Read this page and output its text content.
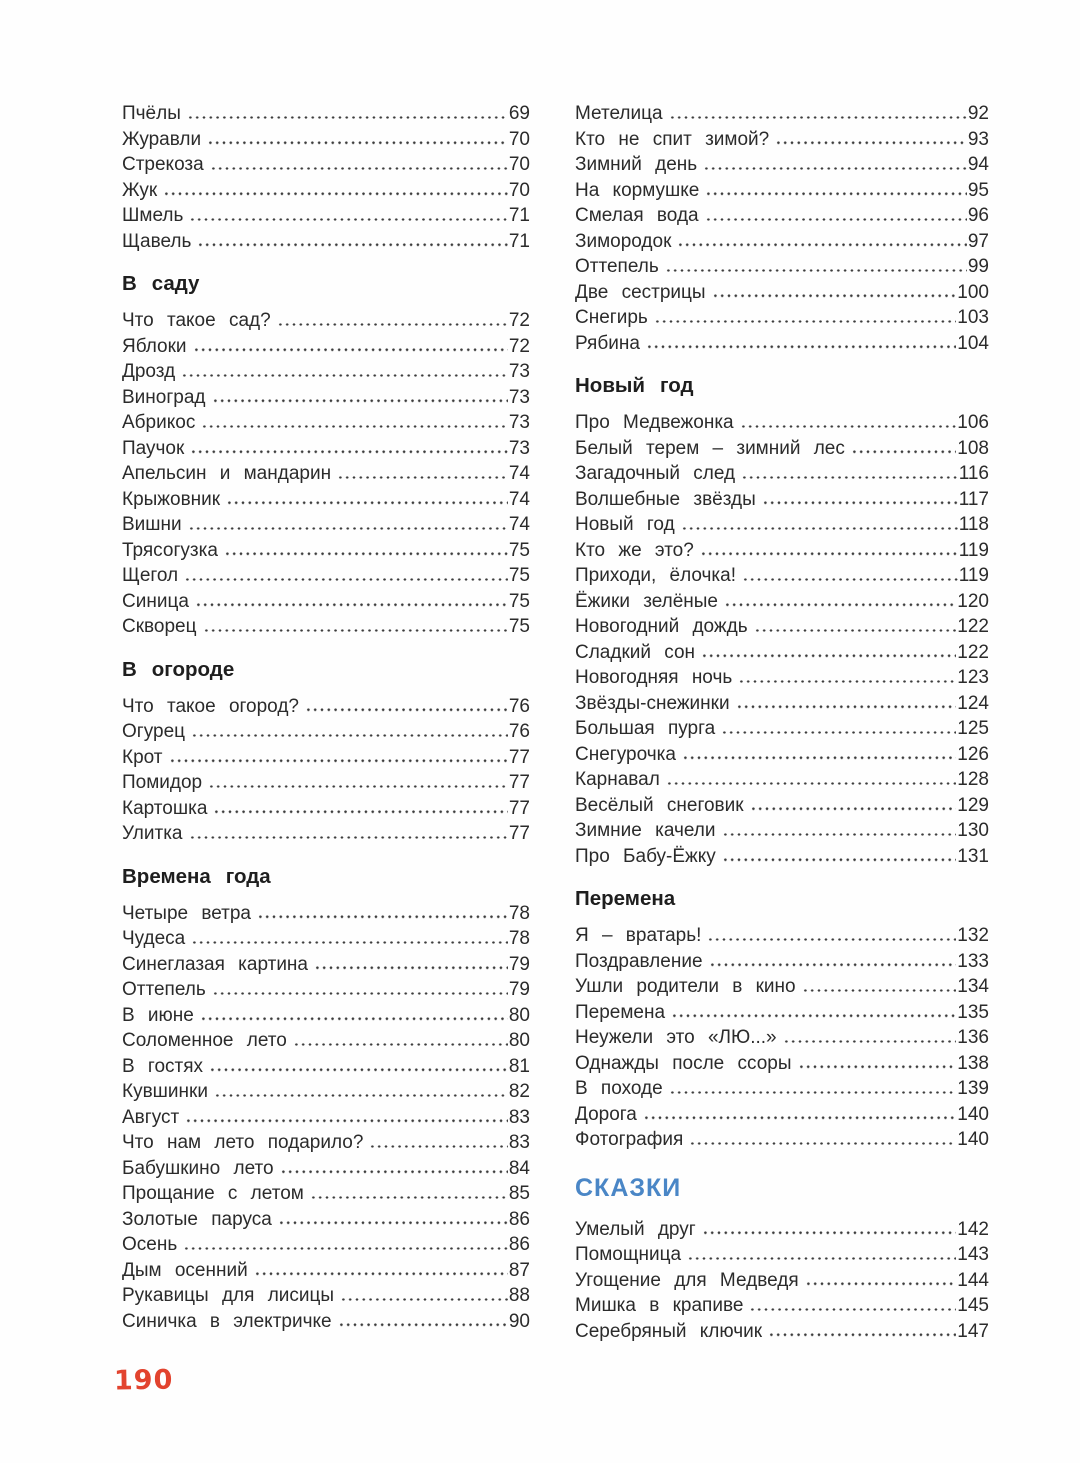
Пчёлы	69
Журавли	70
Стрекоза	70
Жук	70
Шмель	71
Щавель	71
В саду
Что такое сад?	72
Яблоки	72
Дрозд	73
Виноград	73
Абрикос	73
Паучок	73
Апельсин и мандарин	74
Крыжовник	74
Вишни	74
Трясогузка	75
Щегол	75
Синица	75
Скворец	75
В огороде
Что такое огород?	76
Огурец	76
Крот	77
Помидор	77
Картошка	77
Улитка	77
Времена года
Четыре ветра	78
Чудеса	78
Синеглазая картина	79
Оттепель	79
В июне	80
Соломенное лето	80
В гостях	81
Кувшинки	82
Август	83
Что нам лето подарило?	83
Бабушкино лето	84
Прощание с летом	85
Золотые паруса	86
Осень	86
Дым осенний	87
Рукавицы для лисицы	88
Синичка в электричке	90
Метелица	92
Кто не спит зимой?	93
Зимний день	94
На кормушке	95
Смелая вода	96
Зимородок	97
Оттепель	99
Две сестрицы	100
Снегирь	103
Рябина	104
Новый год
Про Медвежонка	106
Белый терем – зимний лес	108
Загадочный след	116
Волшебные звёзды	117
Новый год	118
Кто же это?	119
Приходи, ёлочка!	119
Ёжики зелёные	120
Новогодний дождь	122
Сладкий сон	122
Новогодняя ночь	123
Звёзды-снежинки	124
Большая пурга	125
Снегурочка	126
Карнавал	128
Весёлый снеговик	129
Зимние качели	130
Про Бабу-Ёжку	131
Перемена
Я – вратарь!	132
Поздравление	133
Ушли родители в кино	134
Перемена	135
Неужели это «ЛЮ...»	136
Однажды после ссоры	138
В походе	139
Дорога	140
Фотография	140
СКАЗКИ
Умелый друг	142
Помощница	143
Угощение для Медведя	144
Мишка в крапиве	145
Серебряный ключик	147
190
